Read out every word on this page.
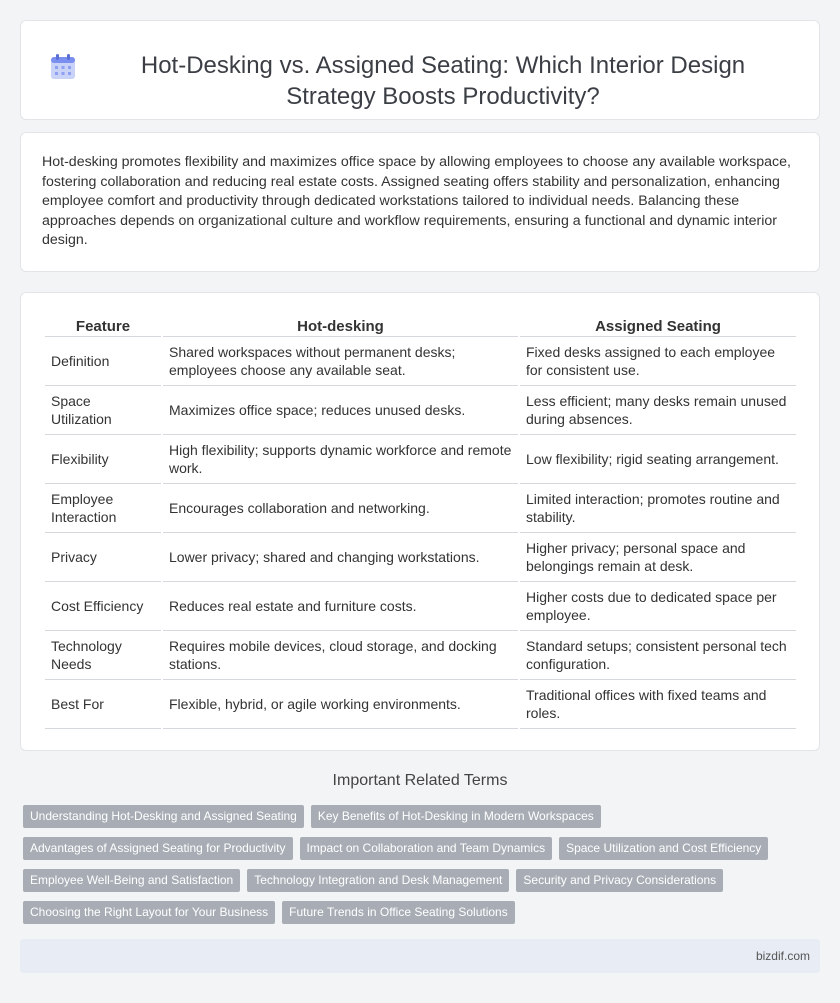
Hot-Desking vs. Assigned Seating: Which Interior Design Strategy Boosts Productivity?

Hot-desking promotes flexibility and maximizes office space by allowing employees to choose any available workspace, fostering collaboration and reducing real estate costs. Assigned seating offers stability and personalization, enhancing employee comfort and productivity through dedicated workstations tailored to individual needs. Balancing these approaches depends on organizational culture and workflow requirements, ensuring a functional and dynamic interior design.

Feature	Hot-desking	Assigned Seating
Definition	Shared workspaces without permanent desks; employees choose any available seat.	Fixed desks assigned to each employee for consistent use.
Space Utilization	Maximizes office space; reduces unused desks.	Less efficient; many desks remain unused during absences.
Flexibility	High flexibility; supports dynamic workforce and remote work.	Low flexibility; rigid seating arrangement.
Employee Interaction	Encourages collaboration and networking.	Limited interaction; promotes routine and stability.
Privacy	Lower privacy; shared and changing workstations.	Higher privacy; personal space and belongings remain at desk.
Cost Efficiency	Reduces real estate and furniture costs.	Higher costs due to dedicated space per employee.
Technology Needs	Requires mobile devices, cloud storage, and docking stations.	Standard setups; consistent personal tech configuration.
Best For	Flexible, hybrid, or agile working environments.	Traditional offices with fixed teams and roles.
Important Related Terms
Understanding Hot-Desking and Assigned Seating	Key Benefits of Hot-Desking in Modern Workspaces
Advantages of Assigned Seating for Productivity	Impact on Collaboration and Team Dynamics	Space Utilization and Cost Efficiency
Employee Well-Being and Satisfaction	Technology Integration and Desk Management	Security and Privacy Considerations
Choosing the Right Layout for Your Business	Future Trends in Office Seating Solutions
bizdif.com
